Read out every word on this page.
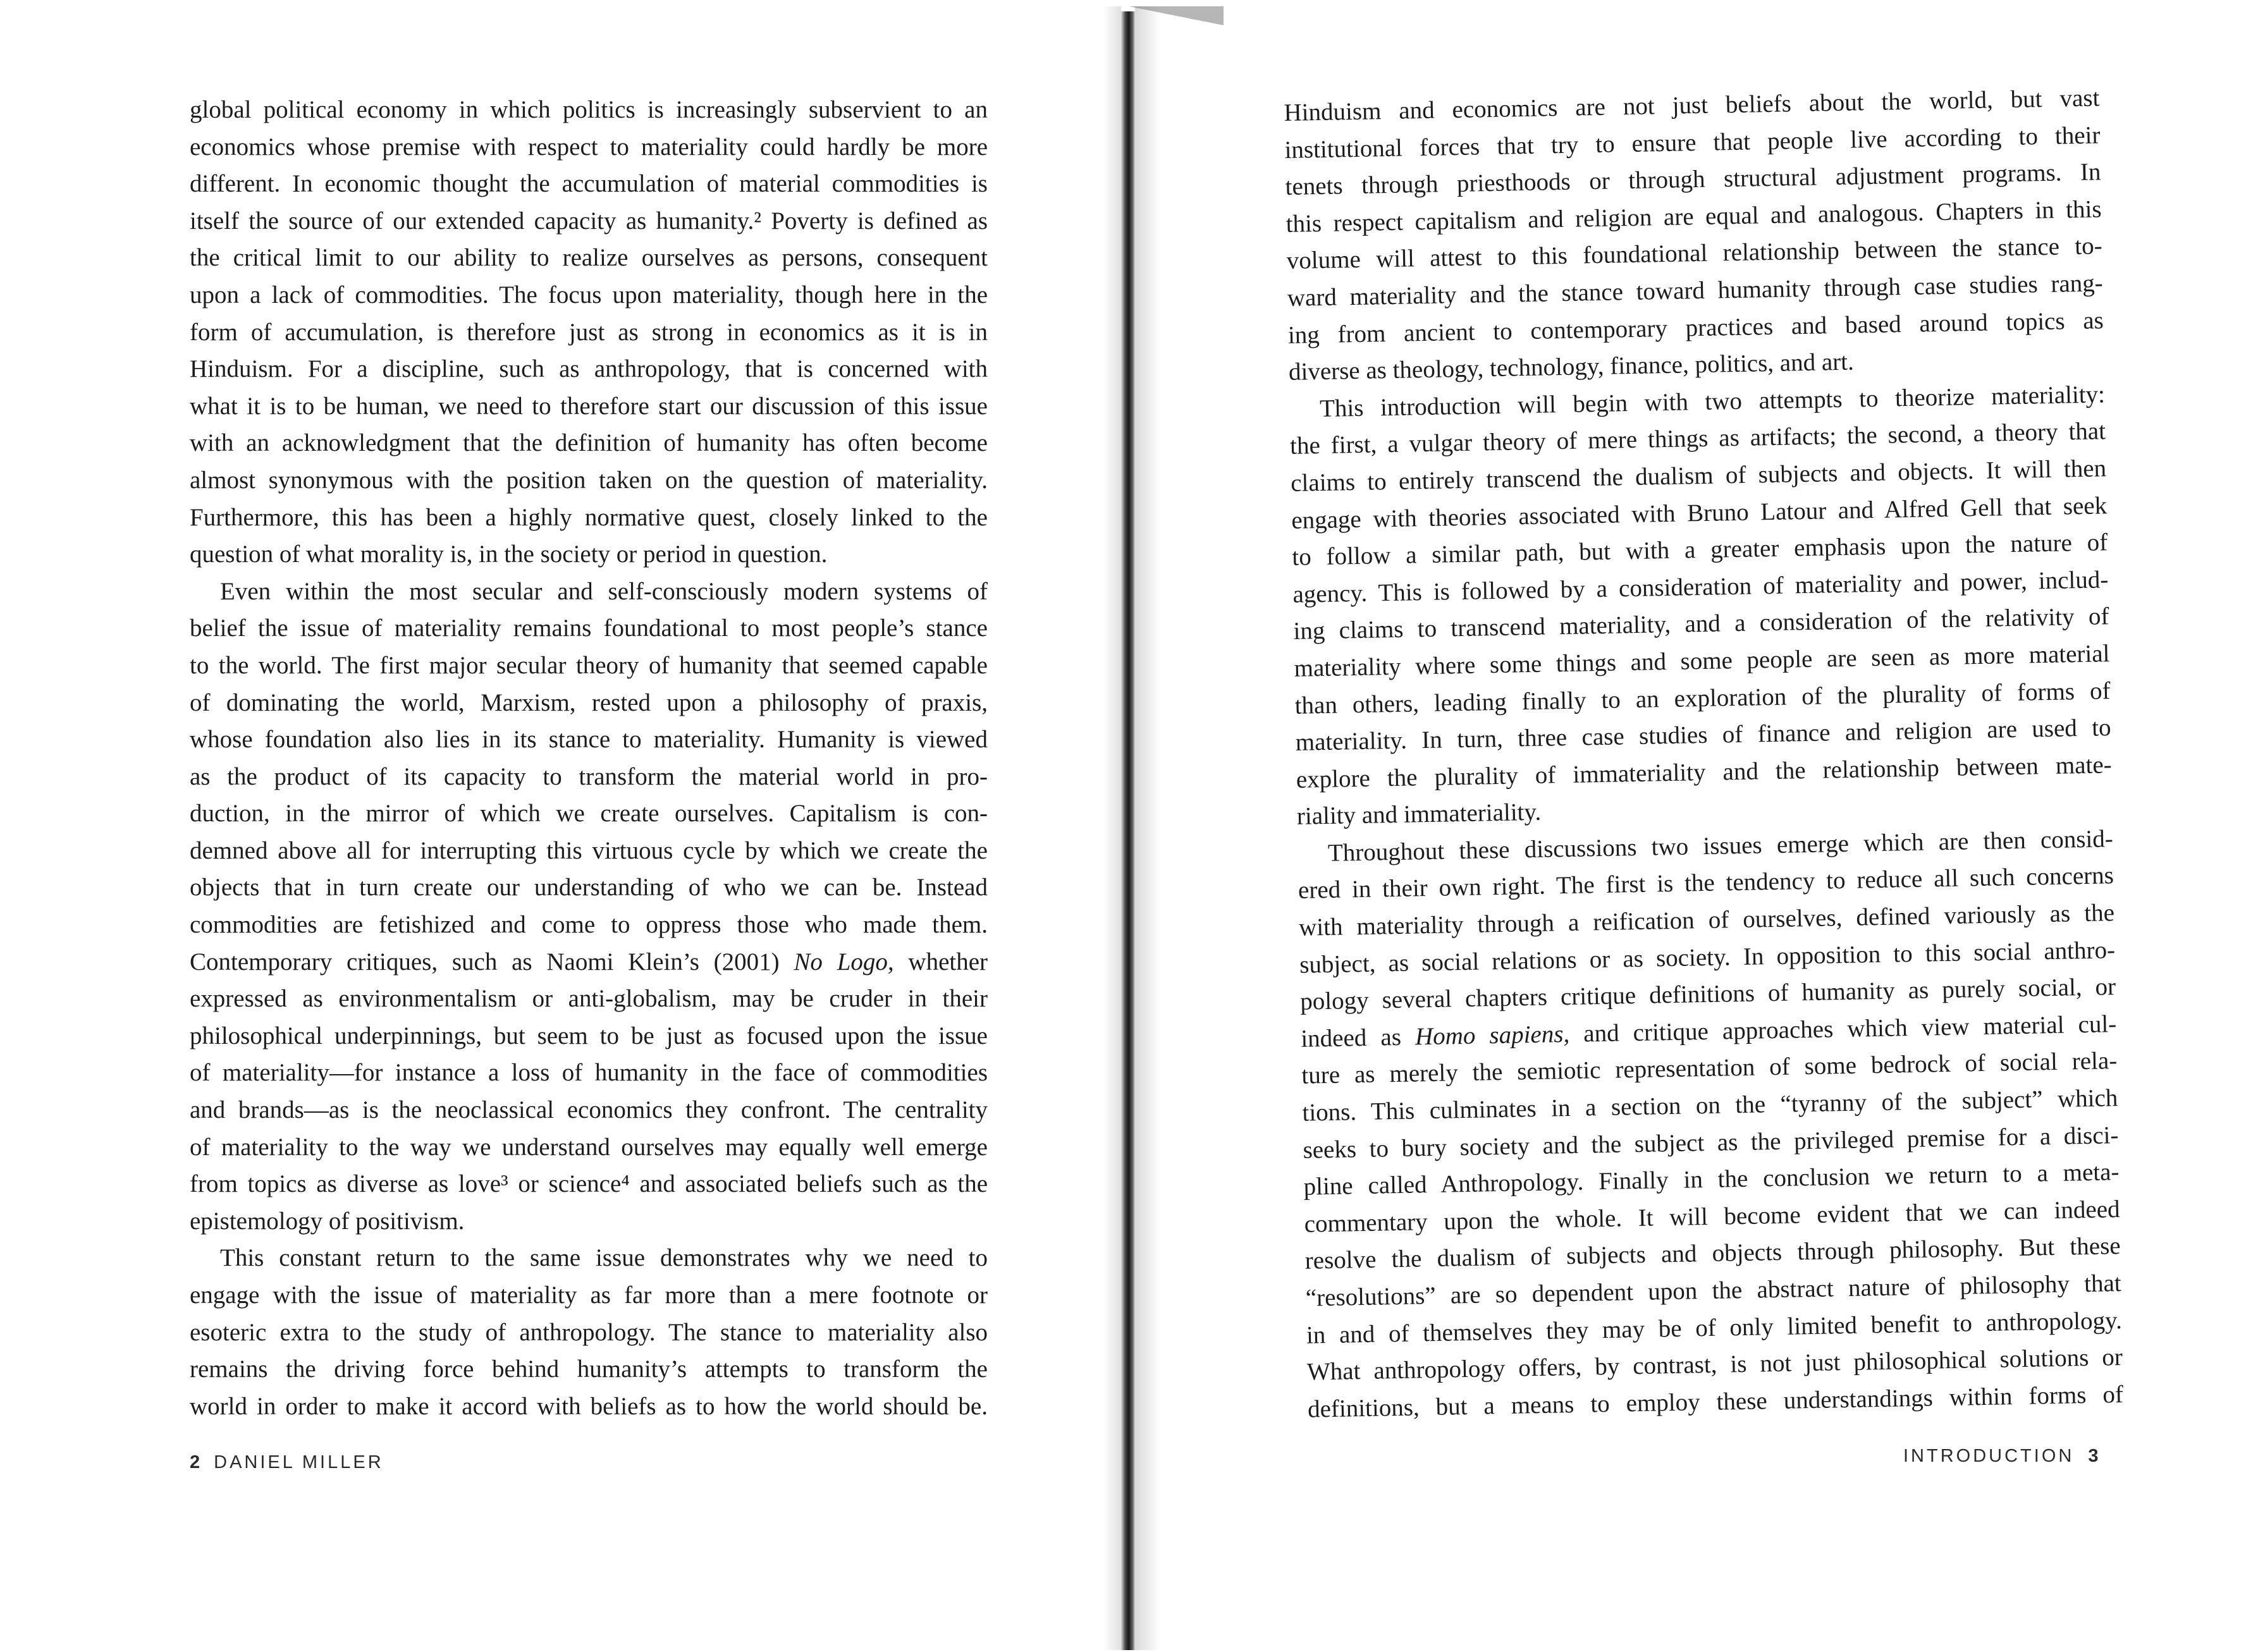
global political economy in which politics is increasingly subservient to an
economics whose premise with respect to materiality could hardly be more
different. In economic thought the accumulation of material commodities is
itself the source of our extended capacity as humanity.² Poverty is defined as
the critical limit to our ability to realize ourselves as persons, consequent
upon a lack of commodities. The focus upon materiality, though here in the
form of accumulation, is therefore just as strong in economics as it is in
Hinduism. For a discipline, such as anthropology, that is concerned with
what it is to be human, we need to therefore start our discussion of this issue
with an acknowledgment that the definition of humanity has often become
almost synonymous with the position taken on the question of materiality.
Furthermore, this has been a highly normative quest, closely linked to the
question of what morality is, in the society or period in question.
Even within the most secular and self-consciously modern systems of
belief the issue of materiality remains foundational to most people’s stance
to the world. The first major secular theory of humanity that seemed capable
of dominating the world, Marxism, rested upon a philosophy of praxis,
whose foundation also lies in its stance to materiality. Humanity is viewed
as the product of its capacity to transform the material world in pro-
duction, in the mirror of which we create ourselves. Capitalism is con-
demned above all for interrupting this virtuous cycle by which we create the
objects that in turn create our understanding of who we can be. Instead
commodities are fetishized and come to oppress those who made them.
Contemporary critiques, such as Naomi Klein’s (2001) No Logo, whether
expressed as environmentalism or anti-globalism, may be cruder in their
philosophical underpinnings, but seem to be just as focused upon the issue
of materiality—for instance a loss of humanity in the face of commodities
and brands—as is the neoclassical economics they confront. The centrality
of materiality to the way we understand ourselves may equally well emerge
from topics as diverse as love³ or science⁴ and associated beliefs such as the
epistemology of positivism.
This constant return to the same issue demonstrates why we need to
engage with the issue of materiality as far more than a mere footnote or
esoteric extra to the study of anthropology. The stance to materiality also
remains the driving force behind humanity’s attempts to transform the
world in order to make it accord with beliefs as to how the world should be.
2 DANIEL MILLER
Hinduism and economics are not just beliefs about the world, but vast
institutional forces that try to ensure that people live according to their
tenets through priesthoods or through structural adjustment programs. In
this respect capitalism and religion are equal and analogous. Chapters in this
volume will attest to this foundational relationship between the stance to-
ward materiality and the stance toward humanity through case studies rang-
ing from ancient to contemporary practices and based around topics as
diverse as theology, technology, finance, politics, and art.
This introduction will begin with two attempts to theorize materiality:
the first, a vulgar theory of mere things as artifacts; the second, a theory that
claims to entirely transcend the dualism of subjects and objects. It will then
engage with theories associated with Bruno Latour and Alfred Gell that seek
to follow a similar path, but with a greater emphasis upon the nature of
agency. This is followed by a consideration of materiality and power, includ-
ing claims to transcend materiality, and a consideration of the relativity of
materiality where some things and some people are seen as more material
than others, leading finally to an exploration of the plurality of forms of
materiality. In turn, three case studies of finance and religion are used to
explore the plurality of immateriality and the relationship between mate-
riality and immateriality.
Throughout these discussions two issues emerge which are then consid-
ered in their own right. The first is the tendency to reduce all such concerns
with materiality through a reification of ourselves, defined variously as the
subject, as social relations or as society. In opposition to this social anthro-
pology several chapters critique definitions of humanity as purely social, or
indeed as Homo sapiens, and critique approaches which view material cul-
ture as merely the semiotic representation of some bedrock of social rela-
tions. This culminates in a section on the “tyranny of the subject” which
seeks to bury society and the subject as the privileged premise for a disci-
pline called Anthropology. Finally in the conclusion we return to a meta-
commentary upon the whole. It will become evident that we can indeed
resolve the dualism of subjects and objects through philosophy. But these
“resolutions” are so dependent upon the abstract nature of philosophy that
in and of themselves they may be of only limited benefit to anthropology.
What anthropology offers, by contrast, is not just philosophical solutions or
definitions, but a means to employ these understandings within forms of
INTRODUCTION 3
